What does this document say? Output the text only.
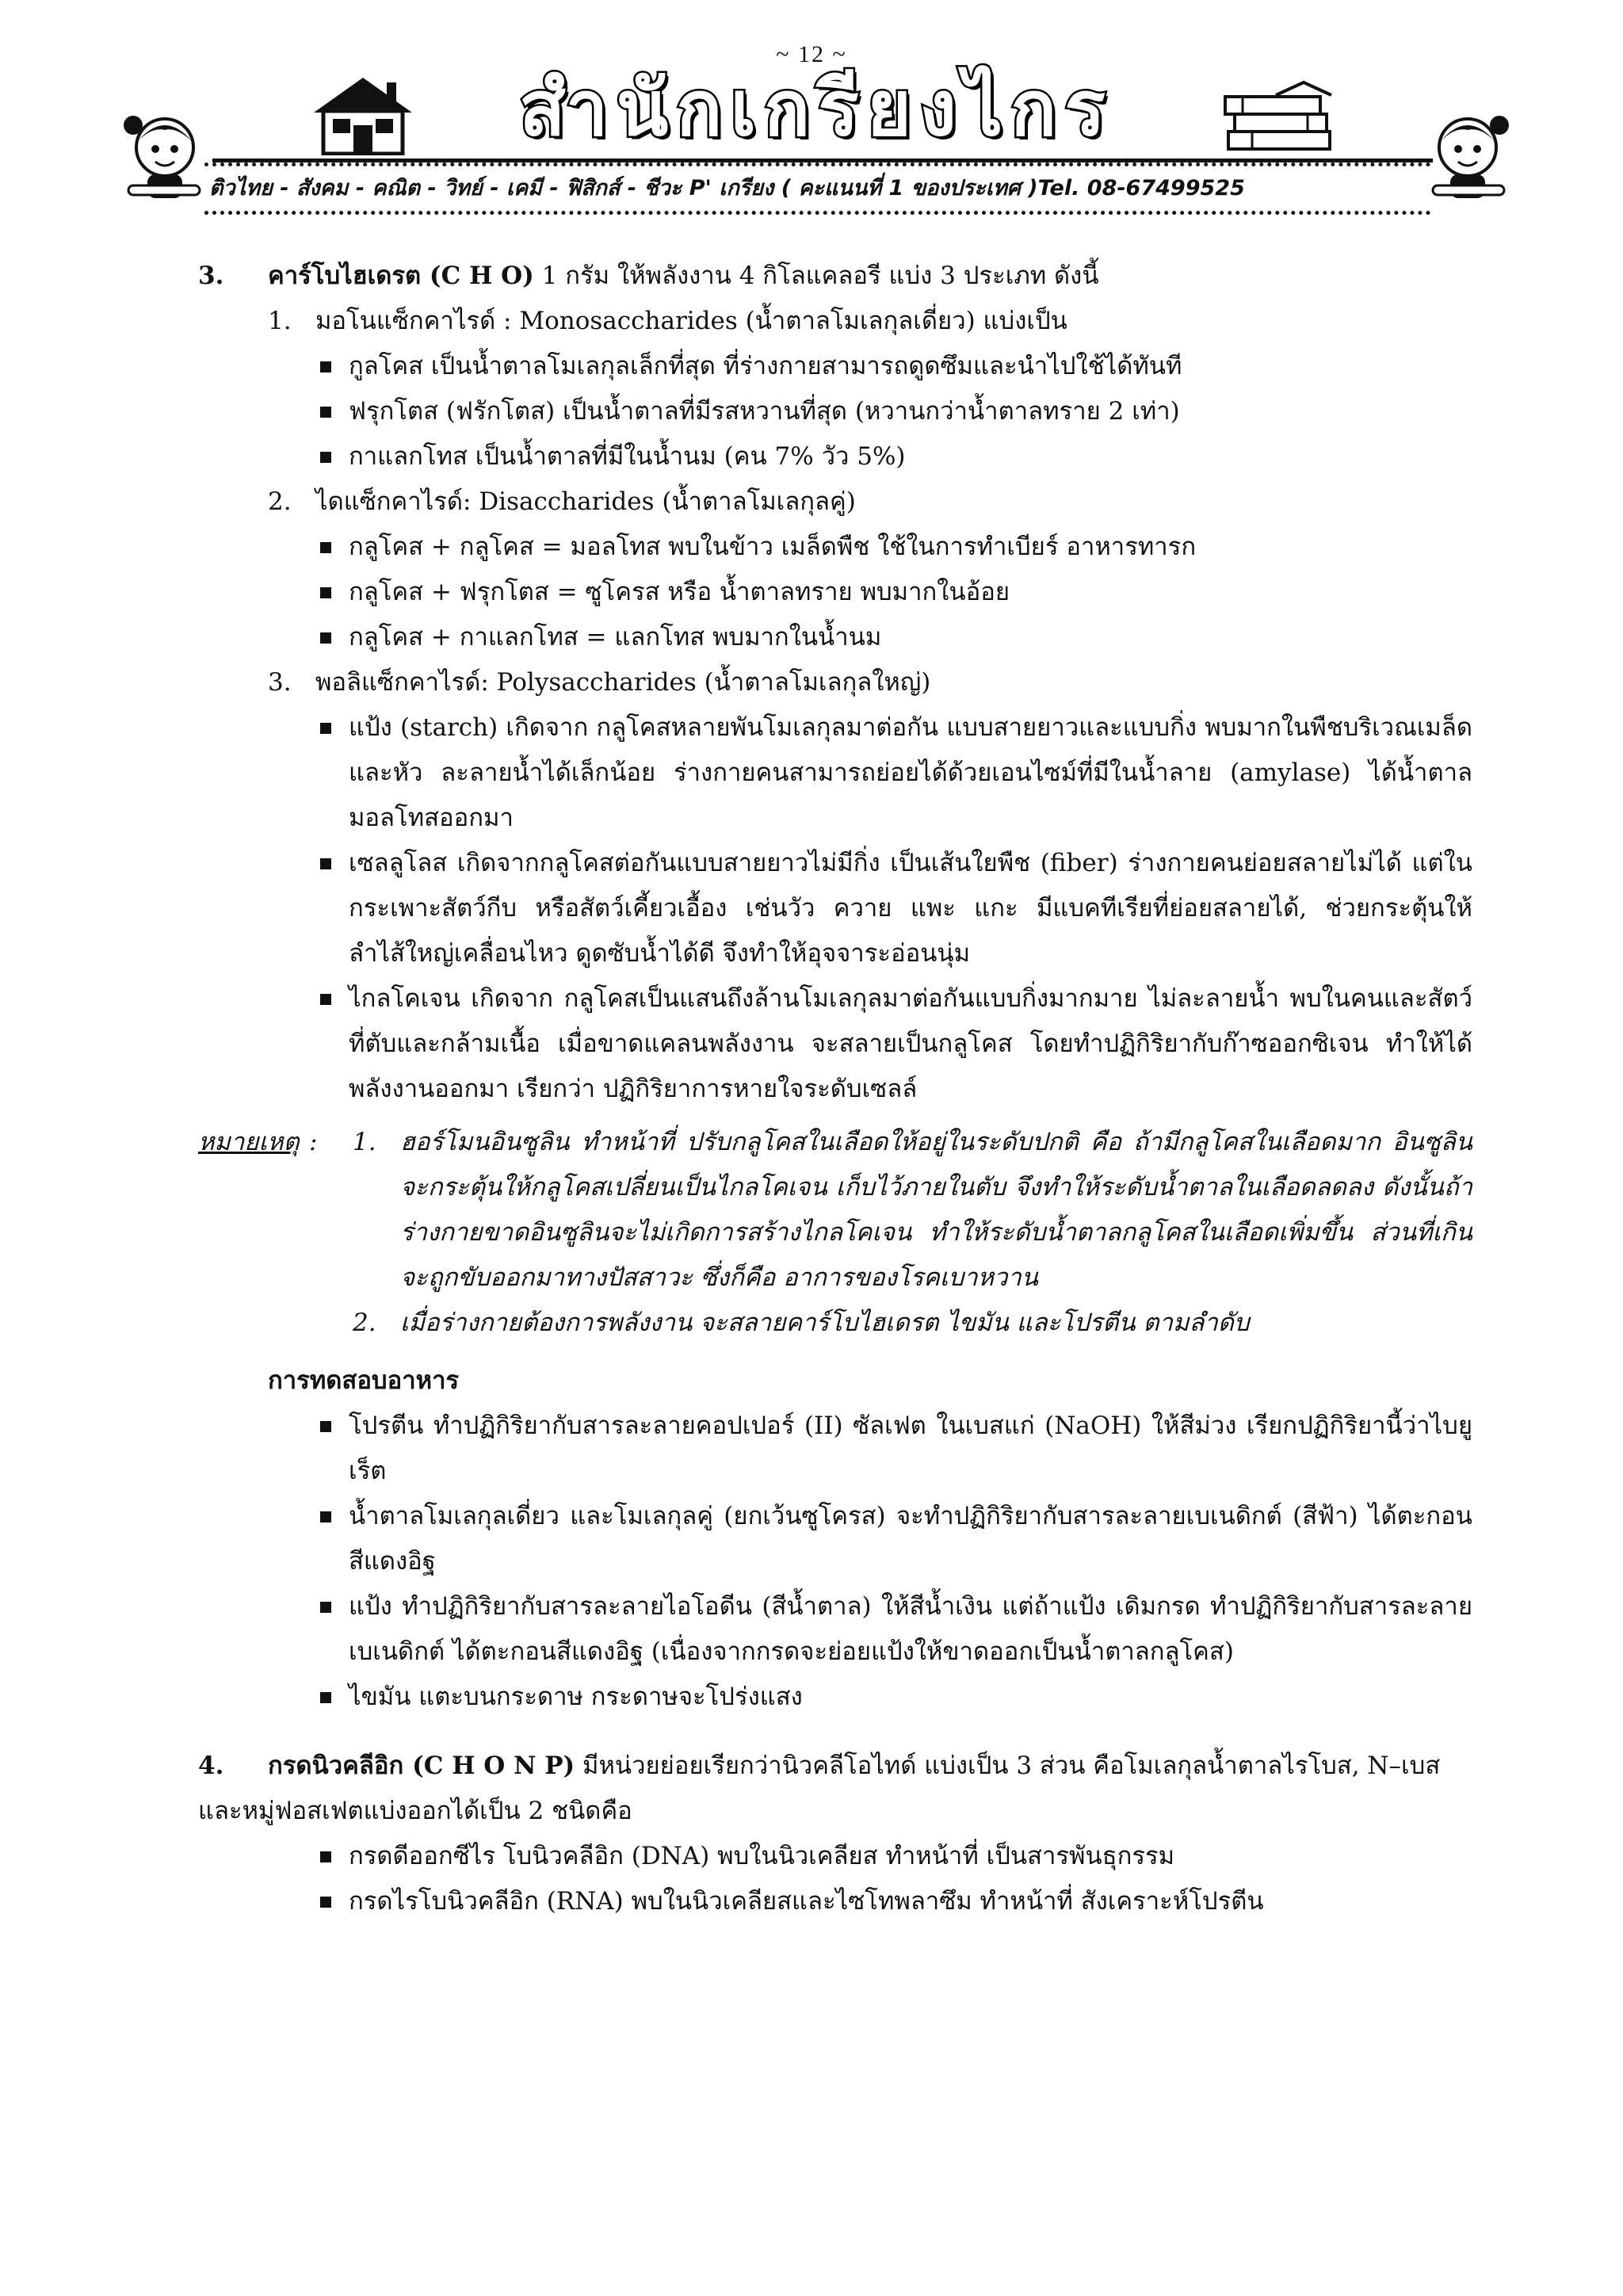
~ 12 ~
สำนักเกรียงไกร
ติวไทย - สังคม - คณิต - วิทย์ - เคมี - ฟิสิกส์ - ชีวะ P' เกรียง ( คะแนนที่ 1 ของประเทศ )Tel. 08-67499525
3. คาร์โบไฮเดรต (C H O) 1 กรัม ให้พลังงาน 4 กิโลแคลอรี แบ่ง 3 ประเภท ดังนี้
1. มอโนแซ็กคาไรด์ : Monosaccharides (น้ำตาลโมเลกุลเดี่ยว) แบ่งเป็น
กูลโคส เป็นน้ำตาลโมเลกุลเล็กที่สุด ที่ร่างกายสามารถดูดซึมและนำไปใช้ได้ทันที
ฟรุกโตส (ฟรักโตส) เป็นน้ำตาลที่มีรสหวานที่สุด (หวานกว่าน้ำตาลทราย 2 เท่า)
กาแลกโทส เป็นน้ำตาลที่มีในน้ำนม (คน 7% วัว 5%)
2. ไดแซ็กคาไรด์: Disaccharides (น้ำตาลโมเลกุลคู่)
กลูโคส + กลูโคส = มอลโทส พบในข้าว เมล็ดพืช ใช้ในการทำเบียร์ อาหารทารก
กลูโคส + ฟรุกโตส = ซูโครส หรือ น้ำตาลทราย พบมากในอ้อย
กลูโคส + กาแลกโทส = แลกโทส พบมากในน้ำนม
3. พอลิแซ็กคาไรด์: Polysaccharides (น้ำตาลโมเลกุลใหญ่)
แป้ง (starch) เกิดจาก กลูโคสหลายพันโมเลกุลมาต่อกัน แบบสายยาวและแบบกิ่ง พบมากในพืชบริเวณเมล็ดและหัว ละลายน้ำได้เล็กน้อย ร่างกายคนสามารถย่อยได้ด้วยเอนไซม์ที่มีในน้ำลาย (amylase) ได้น้ำตาลมอลโทสออกมา
เซลลูโลส เกิดจากกลูโคสต่อกันแบบสายยาวไม่มีกิ่ง เป็นเส้นใยพืช (fiber) ร่างกายคนย่อยสลายไม่ได้ แต่ในกระเพาะสัตว์กีบ หรือสัตว์เคี้ยวเอื้อง เช่นวัว ควาย แพะ แกะ มีแบคทีเรียที่ย่อยสลายได้, ช่วยกระตุ้นให้ลำไส้ใหญ่เคลื่อนไหว ดูดซับน้ำได้ดี จึงทำให้อุจจาระอ่อนนุ่ม
ไกลโคเจน เกิดจาก กลูโคสเป็นแสนถึงล้านโมเลกุลมาต่อกันแบบกิ่งมากมาย ไม่ละลายน้ำ พบในคนและสัตว์ที่ตับและกล้ามเนื้อ เมื่อขาดแคลนพลังงาน จะสลายเป็นกลูโคส โดยทำปฏิกิริยากับก๊าซออกซิเจน ทำให้ได้พลังงานออกมา เรียกว่า ปฏิกิริยาการหายใจระดับเซลล์
หมายเหตุ : 1. ฮอร์โมนอินซูลิน ทำหน้าที่ ปรับกลูโคสในเลือดให้อยู่ในระดับปกติ คือ ถ้ามีกลูโคสในเลือดมาก อินซูลินจะกระตุ้นให้กลูโคสเปลี่ยนเป็นไกลโคเจน เก็บไว้ภายในตับ จึงทำให้ระดับน้ำตาลในเลือดลดลง ดังนั้นถ้าร่างกายขาดอินซูลินจะไม่เกิดการสร้างไกลโคเจน ทำให้ระดับน้ำตาลกลูโคสในเลือดเพิ่มขึ้น ส่วนที่เกินจะถูกขับออกมาทางปัสสาวะ ซึ่งก็คือ อาการของโรคเบาหวาน
2. เมื่อร่างกายต้องการพลังงาน จะสลายคาร์โบไฮเดรต ไขมัน และโปรตีน ตามลำดับ
การทดสอบอาหาร
โปรตีน ทำปฏิกิริยากับสารละลายคอปเปอร์ (II) ซัลเฟต ในเบสแก่ (NaOH) ให้สีม่วง เรียกปฏิกิริยานี้ว่าไบยูเร็ต
น้ำตาลโมเลกุลเดี่ยว และโมเลกุลคู่ (ยกเว้นซูโครส) จะทำปฏิกิริยากับสารละลายเบเนดิกต์ (สีฟ้า) ได้ตะกอนสีแดงอิฐ
แป้ง ทำปฏิกิริยากับสารละลายไอโอดีน (สีน้ำตาล) ให้สีน้ำเงิน แต่ถ้าแป้ง เดิมกรด ทำปฏิกิริยากับสารละลายเบเนดิกต์ ได้ตะกอนสีแดงอิฐ (เนื่องจากกรดจะย่อยแป้งให้ขาดออกเป็นน้ำตาลกลูโคส)
ไขมัน แตะบนกระดาษ กระดาษจะโปร่งแสง
4. กรดนิวคลีอิก (C H O N P) มีหน่วยย่อยเรียกว่านิวคลีโอไทด์ แบ่งเป็น 3 ส่วน คือโมเลกุลน้ำตาลไรโบส, N–เบส
และหมู่ฟอสเฟตแบ่งออกได้เป็น 2 ชนิดคือ
กรดดีออกซีไร โบนิวคลีอิก (DNA) พบในนิวเคลียส ทำหน้าที่ เป็นสารพันธุกรรม
กรดไรโบนิวคลีอิก (RNA) พบในนิวเคลียสและไซโทพลาซึม ทำหน้าที่ สังเคราะห์โปรตีน
